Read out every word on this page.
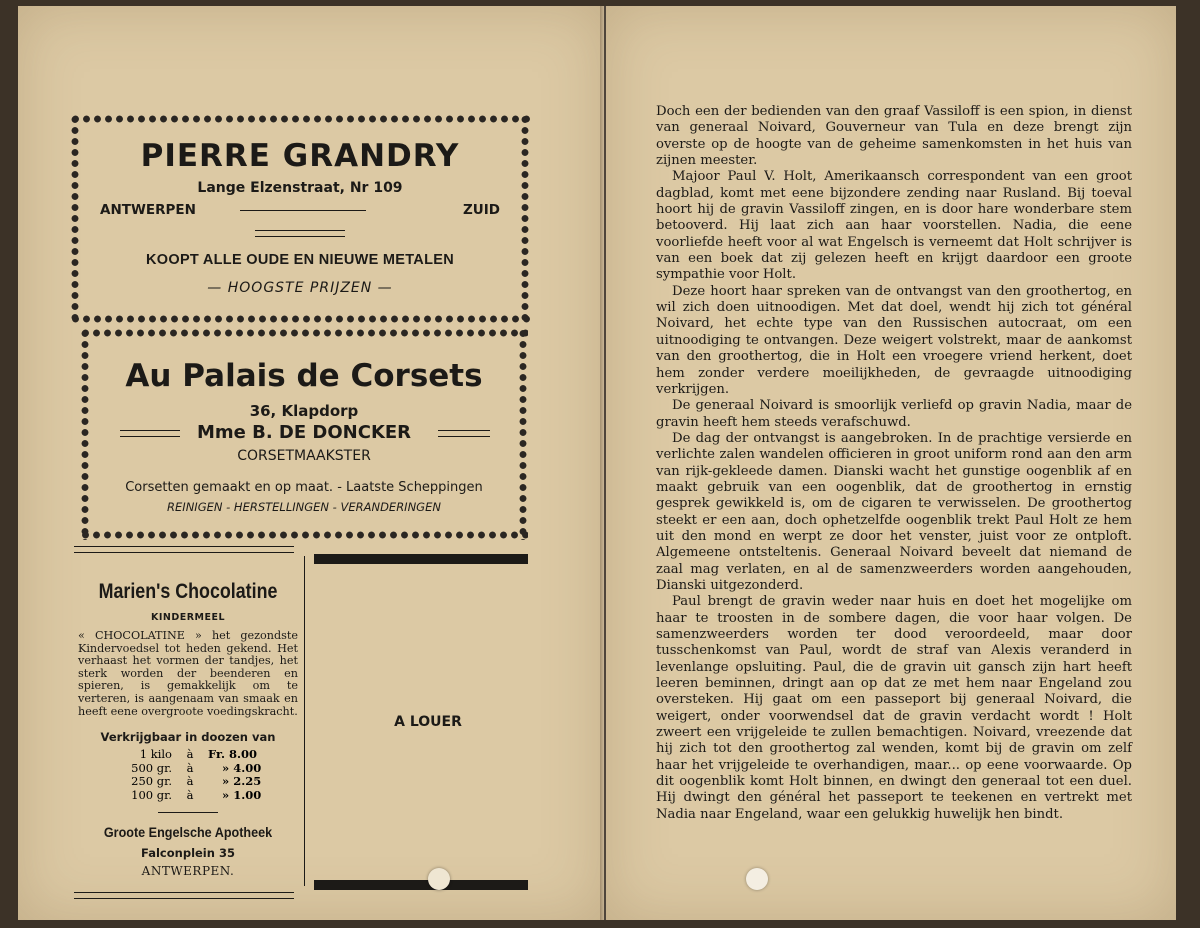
PIERRE GRANDRY
Lange Elzenstraat, Nr 109
ANTWERPEN	ZUID
KOOPT ALLE OUDE EN NIEUWE METALEN
— HOOGSTE PRIJZEN —
Au Palais de Corsets
36, Klapdorp
Mme B. DE DONCKER
CORSETMAAKSTER
Corsetten gemaakt en op maat. - Laatste Scheppingen
REINIGEN - HERSTELLINGEN - VERANDERINGEN
Marien's Chocolatine
KINDERMEEL
« CHOCOLATINE » het gezondste Kindervoedsel tot heden gekend. Het verhaast het vormen der tandjes, het sterk worden der beenderen en spieren, is gemakkelijk om te verteren, is aangenaam van smaak en heeft eene overgroote voedingskracht.
Verkrijgbaar in doozen van
1 kilo	à	Fr. 8.00
500 gr.	à	» 4.00
250 gr.	à	» 2.25
100 gr.	à	» 1.00
Groote Engelsche Apotheek
Falconplein 35
ANTWERPEN.
A LOUER

Doch een der bedienden van den graaf Vassiloff is een spion, in dienst van generaal Noivard, Gouverneur van Tula en deze brengt zijn overste op de hoogte van de geheime samenkomsten in het huis van zijnen meester.

Majoor Paul V. Holt, Amerikaansch correspondent van een groot dagblad, komt met eene bijzondere zending naar Rusland. Bij toeval hoort hij de gravin Vassiloff zingen, en is door hare wonderbare stem betooverd. Hij laat zich aan haar voorstellen. Nadia, die eene voorliefde heeft voor al wat Engelsch is verneemt dat Holt schrijver is van een boek dat zij gelezen heeft en krijgt daardoor een groote sympathie voor Holt.

Deze hoort haar spreken van de ontvangst van den groothertog, en wil zich doen uitnoodigen. Met dat doel, wendt hij zich tot général Noivard, het echte type van den Russischen autocraat, om een uitnoodiging te ontvangen. Deze weigert volstrekt, maar de aankomst van den groothertog, die in Holt een vroegere vriend herkent, doet hem zonder verdere moeilijkheden, de gevraagde uitnoodiging verkrijgen.

De generaal Noivard is smoorlijk verliefd op gravin Nadia, maar de gravin heeft hem steeds verafschuwd.

De dag der ontvangst is aangebroken. In de prachtige versierde en verlichte zalen wandelen officieren in groot uniform rond aan den arm van rijk-gekleede damen. Dianski wacht het gunstige oogenblik af en maakt gebruik van een oogenblik, dat de groothertog in ernstig gesprek gewikkeld is, om de cigaren te verwisselen. De groothertog steekt er een aan, doch ophetzelfde oogenblik trekt Paul Holt ze hem uit den mond en werpt ze door het venster, juist voor ze ontploft. Algemeene ontsteltenis. Generaal Noivard beveelt dat niemand de zaal mag verlaten, en al de samenzweerders worden aangehouden, Dianski uitgezonderd.

Paul brengt de gravin weder naar huis en doet het mogelijke om haar te troosten in de sombere dagen, die voor haar volgen. De samenzweerders worden ter dood veroordeeld, maar door tusschenkomst van Paul, wordt de straf van Alexis veranderd in levenlange opsluiting. Paul, die de gravin uit gansch zijn hart heeft leeren beminnen, dringt aan op dat ze met hem naar Engeland zou oversteken. Hij gaat om een passeport bij generaal Noivard, die weigert, onder voorwendsel dat de gravin verdacht wordt ! Holt zweert een vrijgeleide te zullen bemachtigen. Noivard, vreezende dat hij zich tot den groothertog zal wenden, komt bij de gravin om zelf haar het vrijgeleide te overhandigen, maar... op eene voorwaarde. Op dit oogenblik komt Holt binnen, en dwingt den generaal tot een duel. Hij dwingt den général het passeport te teekenen en vertrekt met Nadia naar Engeland, waar een gelukkig huwelijk hen bindt.
